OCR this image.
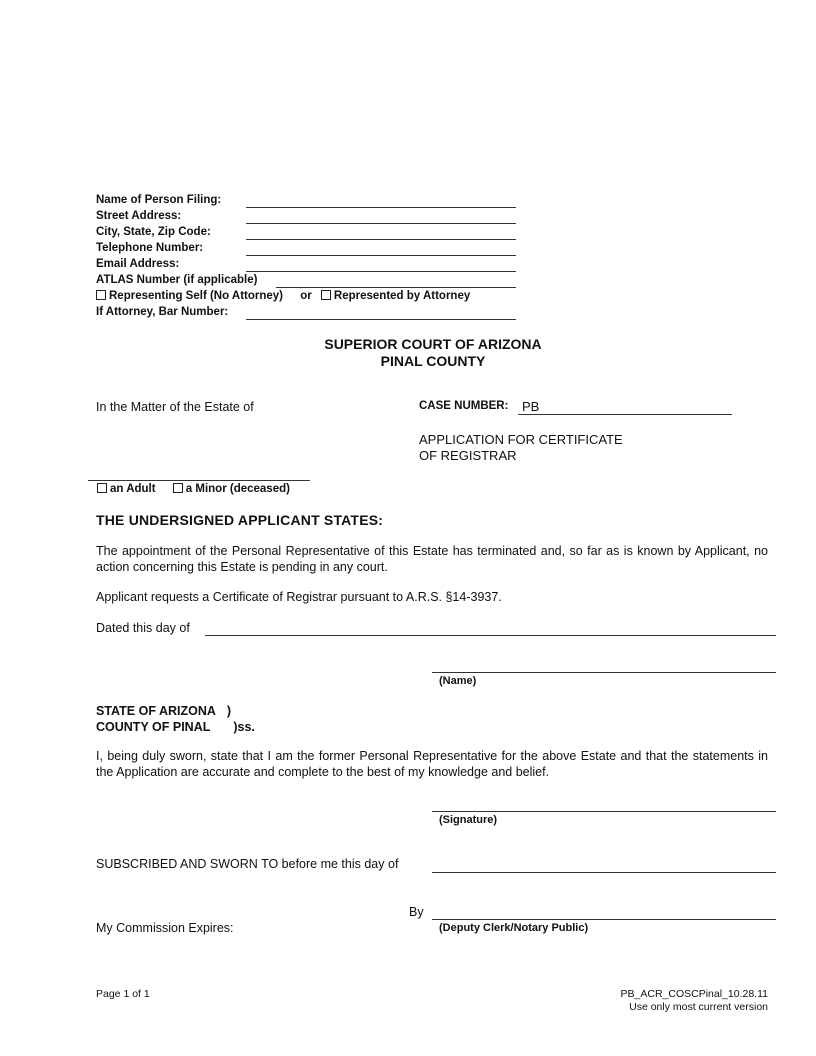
Name of Person Filing:
Street Address:
City, State, Zip Code:
Telephone Number:
Email Address:
ATLAS Number (if applicable)
Representing Self (No Attorney) or Represented by Attorney
If Attorney, Bar Number:
SUPERIOR COURT OF ARIZONA
PINAL COUNTY
In the Matter of the Estate of	CASE NUMBER: PB
APPLICATION FOR CERTIFICATE
OF REGISTRAR
an Adult	a Minor (deceased)
THE UNDERSIGNED APPLICANT STATES:
The appointment of the Personal Representative of this Estate has terminated and, so far as is known by Applicant, no action concerning this Estate is pending in any court.
Applicant requests a Certificate of Registrar pursuant to A.R.S. §14-3937.
Dated this day of
(Name)
STATE OF ARIZONA )
COUNTY OF PINAL )ss.
I, being duly sworn, state that I am the former Personal Representative for the above Estate and that the statements in the Application are accurate and complete to the best of my knowledge and belief.
(Signature)
SUBSCRIBED AND SWORN TO before me this day of
By
(Deputy Clerk/Notary Public)
My Commission Expires:
Page 1 of 1	PB_ACR_COSCPinal_10.28.11
Use only most current version
